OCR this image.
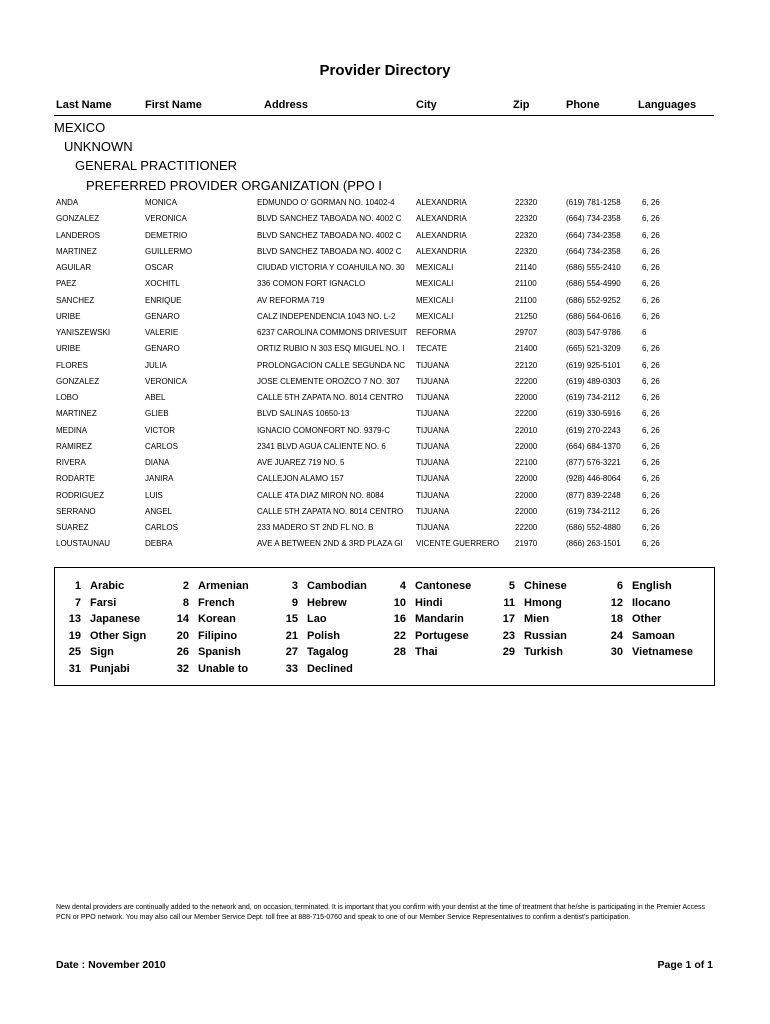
Provider Directory
Last Name	First Name	Address	City	Zip	Phone	Languages
MEXICO
UNKNOWN
GENERAL PRACTITIONER
PREFERRED PROVIDER ORGANIZATION (PPO I
ANDA	MONICA	EDMUNDO O' GORMAN NO. 10402-4	ALEXANDRIA	22320	(619) 781-1258	6, 26
GONZALEZ	VERONICA	BLVD SANCHEZ TABOADA NO. 4002 C	ALEXANDRIA	22320	(664) 734-2358	6, 26
LANDEROS	DEMETRIO	BLVD SANCHEZ TABOADA NO. 4002 C	ALEXANDRIA	22320	(664) 734-2358	6, 26
MARTINEZ	GUILLERMO	BLVD SANCHEZ TABOADA NO. 4002 C	ALEXANDRIA	22320	(664) 734-2358	6, 26
AGUILAR	OSCAR	CIUDAD VICTORIA Y COAHUILA NO. 30	MEXICALI	21140	(686) 555-2410	6, 26
PAEZ	XOCHITL	336 COMON FORT IGNACLO	MEXICALI	21100	(686) 554-4990	6, 26
SANCHEZ	ENRIQUE	AV REFORMA 719	MEXICALI	21100	(686) 552-9252	6, 26
URIBE	GENARO	CALZ INDEPENDENCIA 1043 NO. L-2	MEXICALI	21250	(686) 564-0616	6, 26
YANISZEWSKI	VALERIE	6237 CAROLINA COMMONS DRIVESUIT REFORMA	29707	(803) 547-9786	6
URIBE	GENARO	ORTIZ RUBIO N 303 ESQ MIGUEL NO. I	TECATE	21400	(665) 521-3209	6, 26
FLORES	JULIA	PROLONGACION CALLE SEGUNDA NC	TIJUANA	22120	(619) 925-5101	6, 26
GONZALEZ	VERONICA	JOSE CLEMENTE OROZCO 7 NO. 307	TIJUANA	22200	(619) 489-0303	6, 26
LOBO	ABEL	CALLE 5TH ZAPATA NO. 8014 CENTRO	TIJUANA	22000	(619) 734-2112	6, 26
MARTINEZ	GLIEB	BLVD SALINAS 10650-13	TIJUANA	22200	(619) 330-5916	6, 26
MEDINA	VICTOR	IGNACIO COMONFORT NO. 9379-C	TIJUANA	22010	(619) 270-2243	6, 26
RAMIREZ	CARLOS	2341 BLVD AGUA CALIENTE NO. 6	TIJUANA	22000	(664) 684-1370	6, 26
RIVERA	DIANA	AVE JUAREZ 719 NO. 5	TIJUANA	22100	(877) 576-3221	6, 26
RODARTE	JANIRA	CALLEJON ALAMO 157	TIJUANA	22000	(928) 446-8064	6, 26
RODRIGUEZ	LUIS	CALLE 4TA DIAZ MIRON NO. 8084	TIJUANA	22000	(877) 839-2248	6, 26
SERRANO	ANGEL	CALLE 5TH ZAPATA NO. 8014 CENTRO	TIJUANA	22000	(619) 734-2112	6, 26
SUAREZ	CARLOS	233 MADERO ST 2ND FL NO. B	TIJUANA	22200	(686) 552-4880	6, 26
LOUSTAUNAU	DEBRA	AVE A BETWEEN 2ND & 3RD PLAZA GI	VICENTE GUERRERO	21970	(866) 263-1501	6, 26
1 Arabic	2 Armenian	3 Cambodian	4 Cantonese	5 Chinese	6 English
7 Farsi	8 French	9 Hebrew	10 Hindi	11 Hmong	12 Ilocano
13 Japanese	14 Korean	15 Lao	16 Mandarin	17 Mien	18 Other
19 Other Sign	20 Filipino	21 Polish	22 Portugese	23 Russian	24 Samoan
25 Sign	26 Spanish	27 Tagalog	28 Thai	29 Turkish	30 Vietnamese
31 Punjabi	32 Unable to	33 Declined
New dental providers are continually added to the network and, on occasion, terminated. It is important that you confirm with your dentist at the time of treatment that he/she is participating in the Premier Access PCN or PPO network. You may also call our Member Service Dept. toll free at 888-715-0760 and speak to one of our Member Service Representatives to confirm a dentist's participation.
Date : November 2010	Page 1 of 1
